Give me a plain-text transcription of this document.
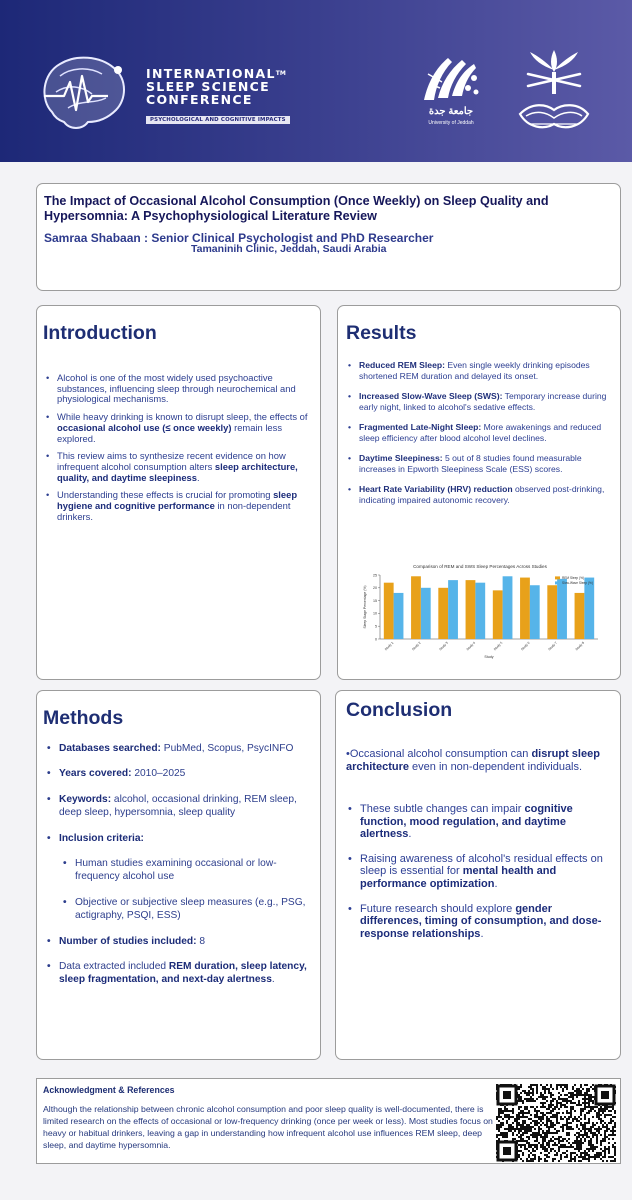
INTERNATIONAL™
SLEEP SCIENCE
CONFERENCE
PSYCHOLOGICAL AND COGNITIVE IMPACTS
جامعة جدة
University of Jeddah
The Impact of Occasional Alcohol Consumption (Once Weekly) on Sleep Quality and Hypersomnia: A Psychophysiological Literature Review
Samraa Shabaan : Senior Clinical Psychologist and PhD Researcher
Tamaninih Clinic, Jeddah, Saudi Arabia
Introduction
• Alcohol is one of the most widely used psychoactive substances, influencing sleep through neurochemical and physiological mechanisms.
• While heavy drinking is known to disrupt sleep, the effects of occasional alcohol use (≤ once weekly) remain less explored.
• This review aims to synthesize recent evidence on how infrequent alcohol consumption alters sleep architecture, quality, and daytime sleepiness.
• Understanding these effects is crucial for promoting sleep hygiene and cognitive performance in non-dependent drinkers.
Results
• Reduced REM Sleep: Even single weekly drinking episodes shortened REM duration and delayed its onset.
• Increased Slow-Wave Sleep (SWS): Temporary increase during early night, linked to alcohol's sedative effects.
• Fragmented Late-Night Sleep: More awakenings and reduced sleep efficiency after blood alcohol level declines.
• Daytime Sleepiness: 5 out of 8 studies found measurable increases in Epworth Sleepiness Scale (ESS) scores.
• Heart Rate Variability (HRV) reduction observed post-drinking, indicating impaired autonomic recovery.
Comparison of REM and SWS Sleep Percentages Across Studies
0
5
10
15
20
25
Sleep Stage Percentage (%)
Study 1	Study 2	Study 3	Study 4	Study 5	Study 6	Study 7	Study 8
Study
REM Sleep (%)
Slow-Wave Sleep (%)
Methods
• Databases searched: PubMed, Scopus, PsycINFO
• Years covered: 2010–2025
• Keywords: alcohol, occasional drinking, REM sleep, deep sleep, hypersomnia, sleep quality
• Inclusion criteria:
• Human studies examining occasional or low-frequency alcohol use
• Objective or subjective sleep measures (e.g., PSG, actigraphy, PSQI, ESS)
• Number of studies included: 8
• Data extracted included REM duration, sleep latency, sleep fragmentation, and next-day alertness.
Conclusion
•Occasional alcohol consumption can disrupt sleep architecture even in non-dependent individuals.
• These subtle changes can impair cognitive function, mood regulation, and daytime alertness.
• Raising awareness of alcohol's residual effects on sleep is essential for mental health and performance optimization.
• Future research should explore gender differences, timing of consumption, and dose-response relationships.
Acknowledgment & References
Although the relationship between chronic alcohol consumption and poor sleep quality is well-documented, there is limited research on the effects of occasional or low-frequency drinking (once per week or less). Most studies focus on heavy or habitual drinkers, leaving a gap in understanding how infrequent alcohol use influences REM sleep, deep sleep, and daytime hypersomnia.
